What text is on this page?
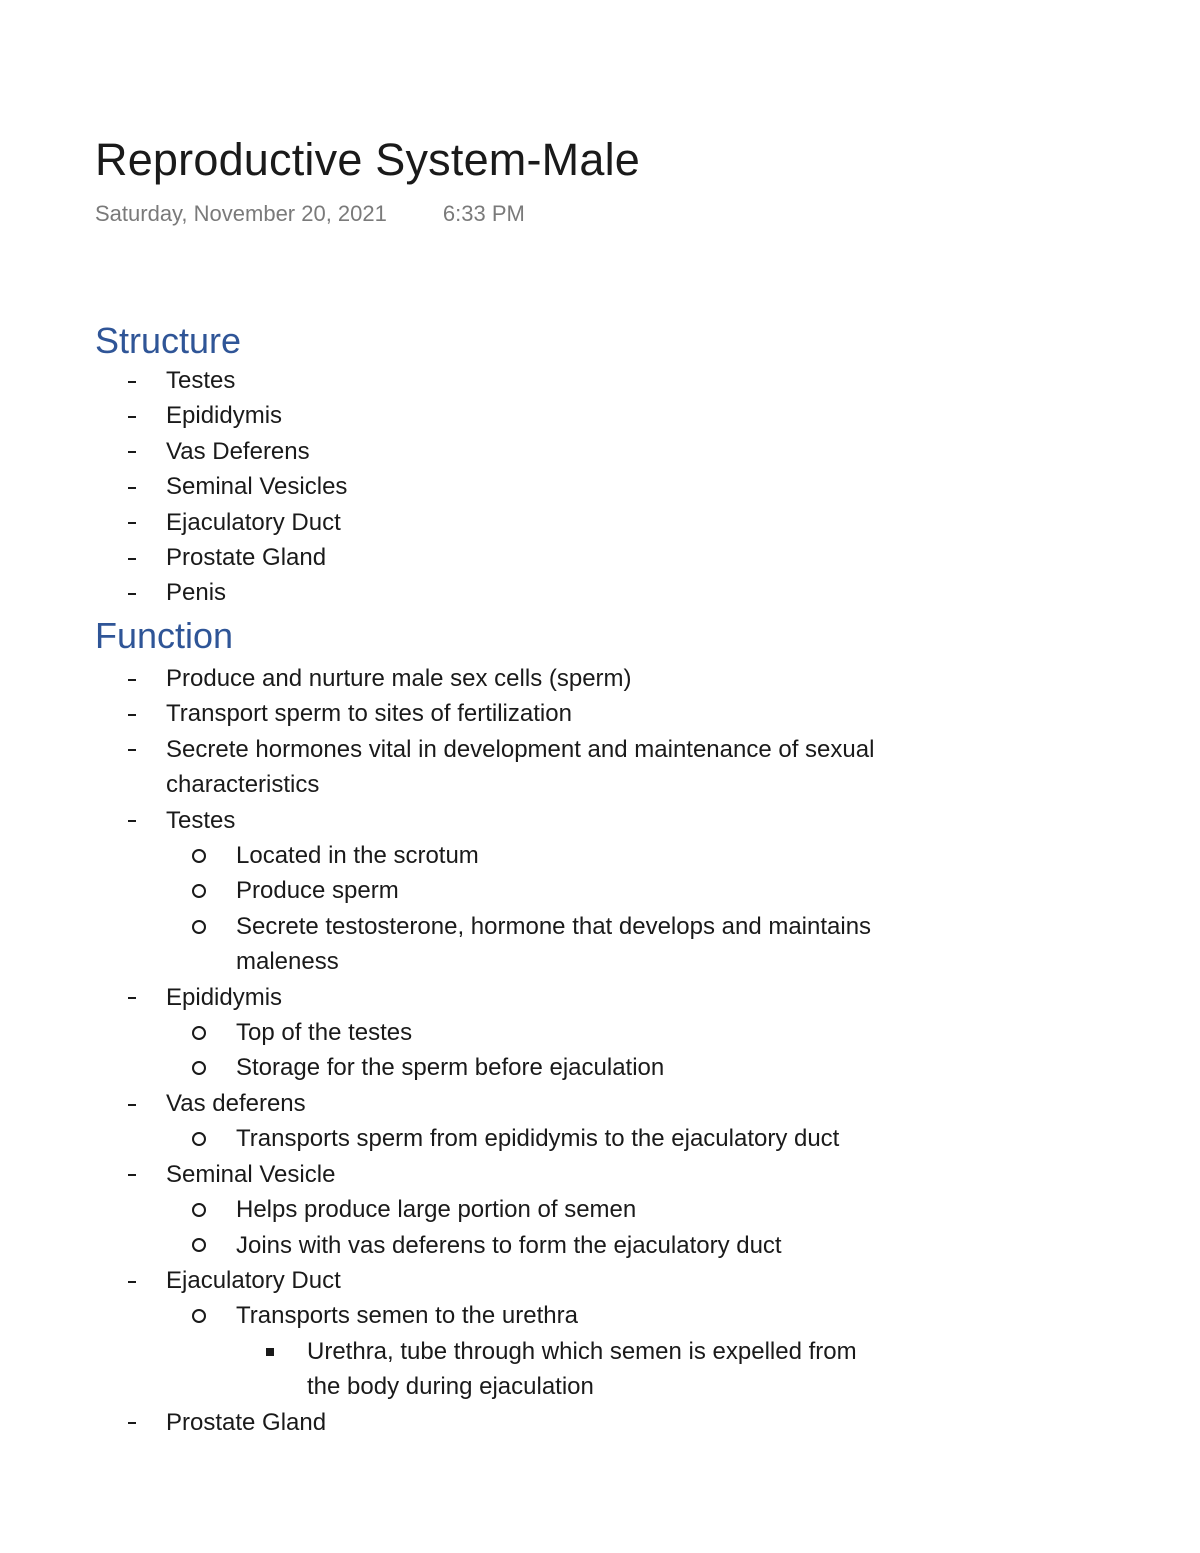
Reproductive System-Male
Saturday, November 20, 2021	6:33 PM
Structure
Testes
Epididymis
Vas Deferens
Seminal Vesicles
Ejaculatory Duct
Prostate Gland
Penis
Function
Produce and nurture male sex cells (sperm)
Transport sperm to sites of fertilization
Secrete hormones vital in development and maintenance of sexual
characteristics
Testes
Located in the scrotum
Produce sperm
Secrete testosterone, hormone that develops and maintains
maleness
Epididymis
Top of the testes
Storage for the sperm before ejaculation
Vas deferens
Transports sperm from epididymis to the ejaculatory duct
Seminal Vesicle
Helps produce large portion of semen
Joins with vas deferens to form the ejaculatory duct
Ejaculatory Duct
Transports semen to the urethra
Urethra, tube through which semen is expelled from
the body during ejaculation
Prostate Gland
